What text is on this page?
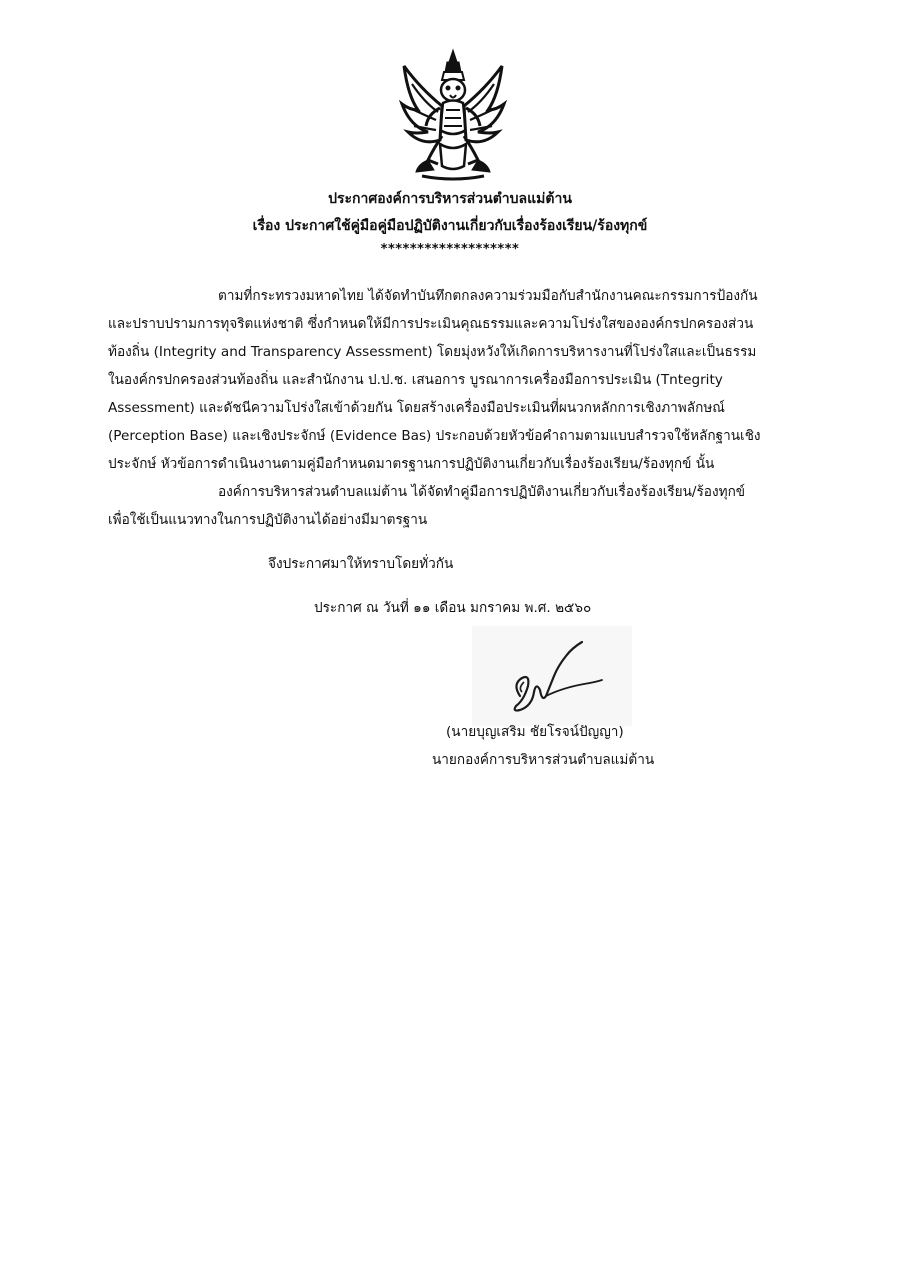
ประกาศองค์การบริหารส่วนตำบลแม่ต้าน
เรื่อง ประกาศใช้คู่มือคู่มือปฏิบัติงานเกี่ยวกับเรื่องร้องเรียน/ร้องทุกข์
*******************
ตามที่กระทรวงมหาดไทย ได้จัดทำบันทึกตกลงความร่วมมือกับสำนักงานคณะกรรมการป้องกัน
และปราบปรามการทุจริตแห่งชาติ ซึ่งกำหนดให้มีการประเมินคุณธรรมและความโปร่งใสขององค์กรปกครองส่วน
ท้องถิ่น (Integrity and Transparency Assessment) โดยมุ่งหวังให้เกิดการบริหารงานที่โปร่งใสและเป็นธรรม
ในองค์กรปกครองส่วนท้องถิ่น และสำนักงาน ป.ป.ช. เสนอการ บูรณาการเครื่องมือการประเมิน (Tntegrity
Assessment) และดัชนีความโปร่งใสเข้าด้วยกัน โดยสร้างเครื่องมือประเมินที่ผนวกหลักการเชิงภาพลักษณ์
(Perception Base) และเชิงประจักษ์ (Evidence Bas) ประกอบด้วยหัวข้อคำถามตามแบบสำรวจใช้หลักฐานเชิง
ประจักษ์ หัวข้อการดำเนินงานตามคู่มือกำหนดมาตรฐานการปฏิบัติงานเกี่ยวกับเรื่องร้องเรียน/ร้องทุกข์ นั้น
องค์การบริหารส่วนตำบลแม่ต้าน ได้จัดทำคู่มือการปฏิบัติงานเกี่ยวกับเรื่องร้องเรียน/ร้องทุกข์
เพื่อใช้เป็นแนวทางในการปฏิบัติงานได้อย่างมีมาตรฐาน
จึงประกาศมาให้ทราบโดยทั่วกัน
ประกาศ ณ วันที่ ๑๑ เดือน มกราคม พ.ศ. ๒๕๖๐
(นายบุญเสริม ชัยโรจน์ปัญญา)
นายกองค์การบริหารส่วนตำบลแม่ต้าน
